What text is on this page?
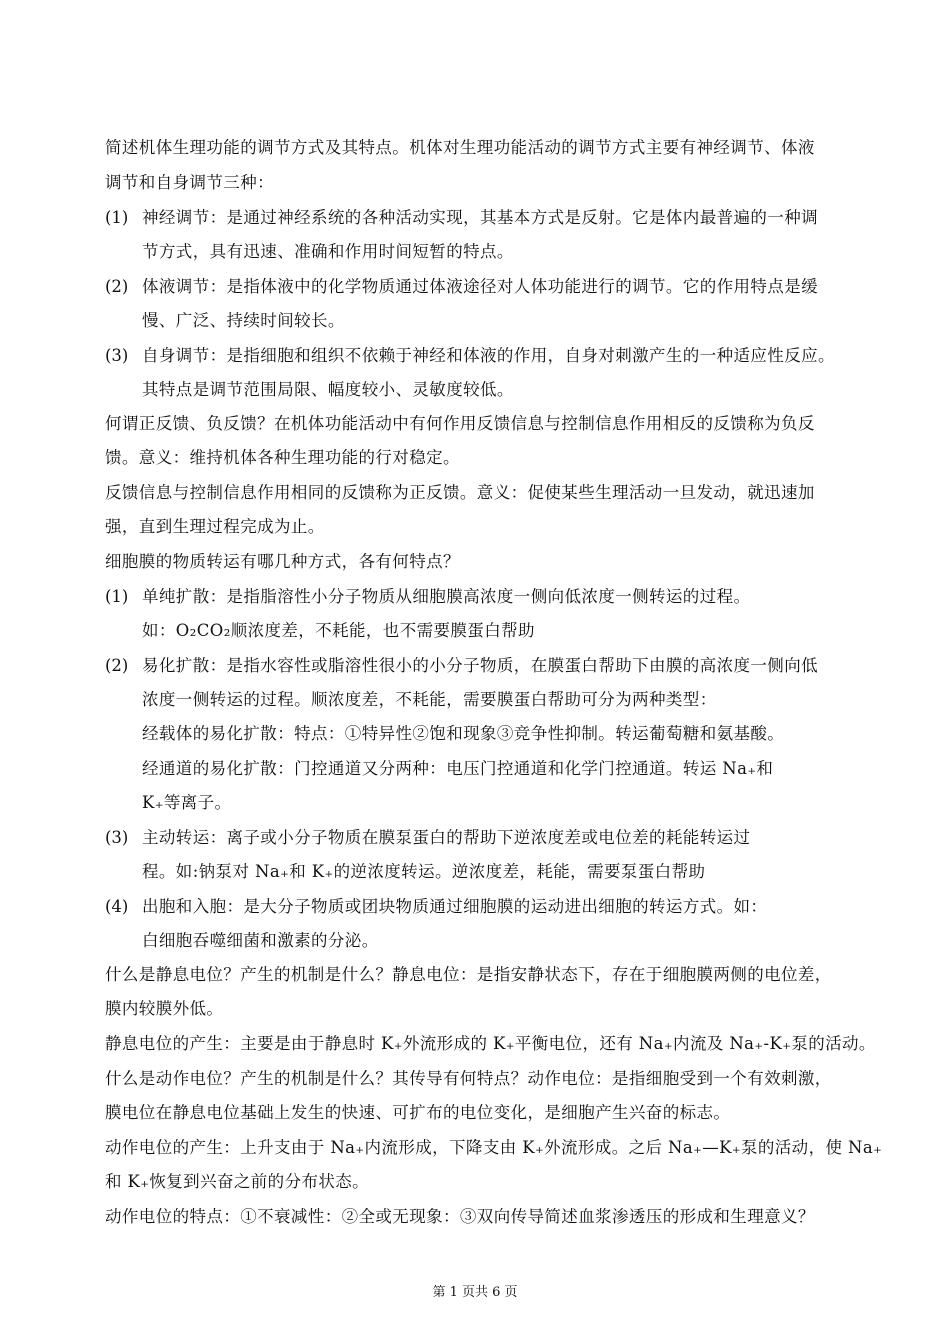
简述机体生理功能的调节方式及其特点。机体对生理功能活动的调节方式主要有神经调节、体液
调节和自身调节三种：
(1) 神经调节：是通过神经系统的各种活动实现，其基本方式是反射。它是体内最普遍的一种调
节方式，具有迅速、准确和作用时间短暂的特点。
(2) 体液调节：是指体液中的化学物质通过体液途径对人体功能进行的调节。它的作用特点是缓
慢、广泛、持续时间较长。
(3) 自身调节：是指细胞和组织不依赖于神经和体液的作用，自身对刺激产生的一种适应性反应。
其特点是调节范围局限、幅度较小、灵敏度较低。
何谓正反馈、负反馈？在机体功能活动中有何作用反馈信息与控制信息作用相反的反馈称为负反
馈。意义：维持机体各种生理功能的行对稳定。
反馈信息与控制信息作用相同的反馈称为正反馈。意义：促使某些生理活动一旦发动，就迅速加
强，直到生理过程完成为止。
细胞膜的物质转运有哪几种方式，各有何特点？
(1) 单纯扩散：是指脂溶性小分子物质从细胞膜高浓度一侧向低浓度一侧转运的过程。
如：O₂CO₂顺浓度差，不耗能，也不需要膜蛋白帮助
(2) 易化扩散：是指水容性或脂溶性很小的小分子物质，在膜蛋白帮助下由膜的高浓度一侧向低
浓度一侧转运的过程。顺浓度差，不耗能，需要膜蛋白帮助可分为两种类型：
经载体的易化扩散：特点：①特异性②饱和现象③竞争性抑制。转运葡萄糖和氨基酸。
经通道的易化扩散：门控通道又分两种：电压门控通道和化学门控通道。转运 Na₊和
K₊等离子。
(3) 主动转运：离子或小分子物质在膜泵蛋白的帮助下逆浓度差或电位差的耗能转运过
程。如:钠泵对 Na₊和 K₊的逆浓度转运。逆浓度差，耗能，需要泵蛋白帮助
(4) 出胞和入胞：是大分子物质或团块物质通过细胞膜的运动进出细胞的转运方式。如：
白细胞吞噬细菌和激素的分泌。
什么是静息电位？产生的机制是什么？静息电位：是指安静状态下，存在于细胞膜两侧的电位差，
膜内较膜外低。
静息电位的产生：主要是由于静息时 K₊外流形成的 K₊平衡电位，还有 Na₊内流及 Na₊-K₊泵的活动。
什么是动作电位？产生的机制是什么？其传导有何特点？动作电位：是指细胞受到一个有效刺激，
膜电位在静息电位基础上发生的快速、可扩布的电位变化，是细胞产生兴奋的标志。
动作电位的产生：上升支由于 Na₊内流形成，下降支由 K₊外流形成。之后 Na₊—K₊泵的活动，使 Na₊
和 K₊恢复到兴奋之前的分布状态。
动作电位的特点：①不衰减性：②全或无现象：③双向传导简述血浆渗透压的形成和生理意义？
第 1 页共 6 页
